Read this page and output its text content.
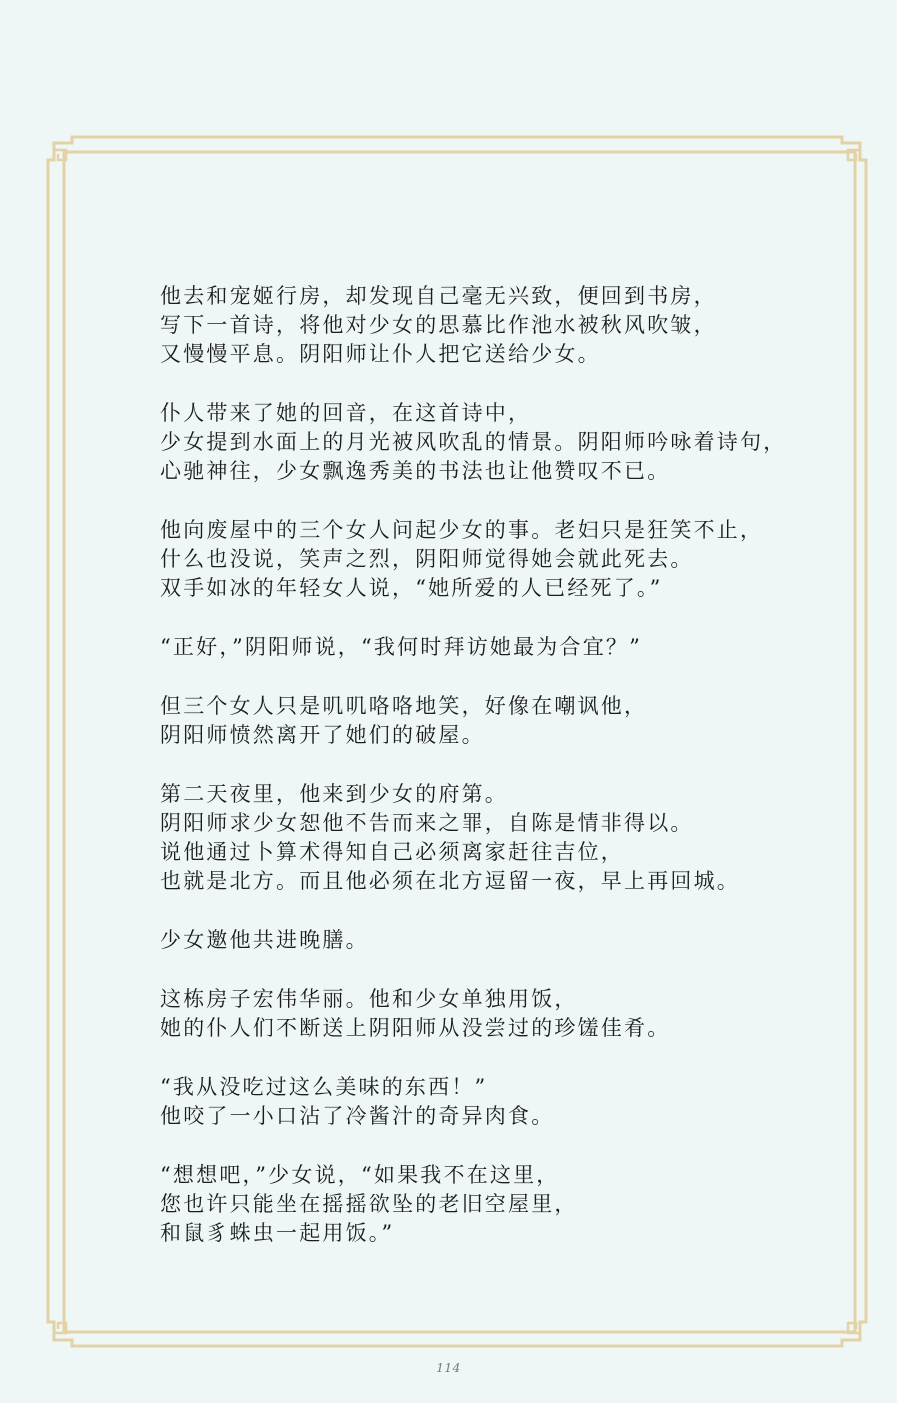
他去和宠姬行房，却发现自己毫无兴致，便回到书房，
写下一首诗，将他对少女的思慕比作池水被秋风吹皱，
又慢慢平息。阴阳师让仆人把它送给少女。
仆人带来了她的回音，在这首诗中，
少女提到水面上的月光被风吹乱的情景。阴阳师吟咏着诗句，
心驰神往，少女飘逸秀美的书法也让他赞叹不已。
他向废屋中的三个女人问起少女的事。老妇只是狂笑不止，
什么也没说，笑声之烈，阴阳师觉得她会就此死去。
双手如冰的年轻女人说，“她所爱的人已经死了。”
“正好，”阴阳师说，“我何时拜访她最为合宜？”
但三个女人只是叽叽咯咯地笑，好像在嘲讽他，
阴阳师愤然离开了她们的破屋。
第二天夜里，他来到少女的府第。
阴阳师求少女恕他不告而来之罪，自陈是情非得以。
说他通过卜算术得知自己必须离家赶往吉位，
也就是北方。而且他必须在北方逗留一夜，早上再回城。
少女邀他共进晚膳。
这栋房子宏伟华丽。他和少女单独用饭，
她的仆人们不断送上阴阳师从没尝过的珍馐佳肴。
“我从没吃过这么美味的东西！”
他咬了一小口沾了冷酱汁的奇异肉食。
“想想吧，”少女说，“如果我不在这里，
您也许只能坐在摇摇欲坠的老旧空屋里，
和鼠豸蛛虫一起用饭。”
114
